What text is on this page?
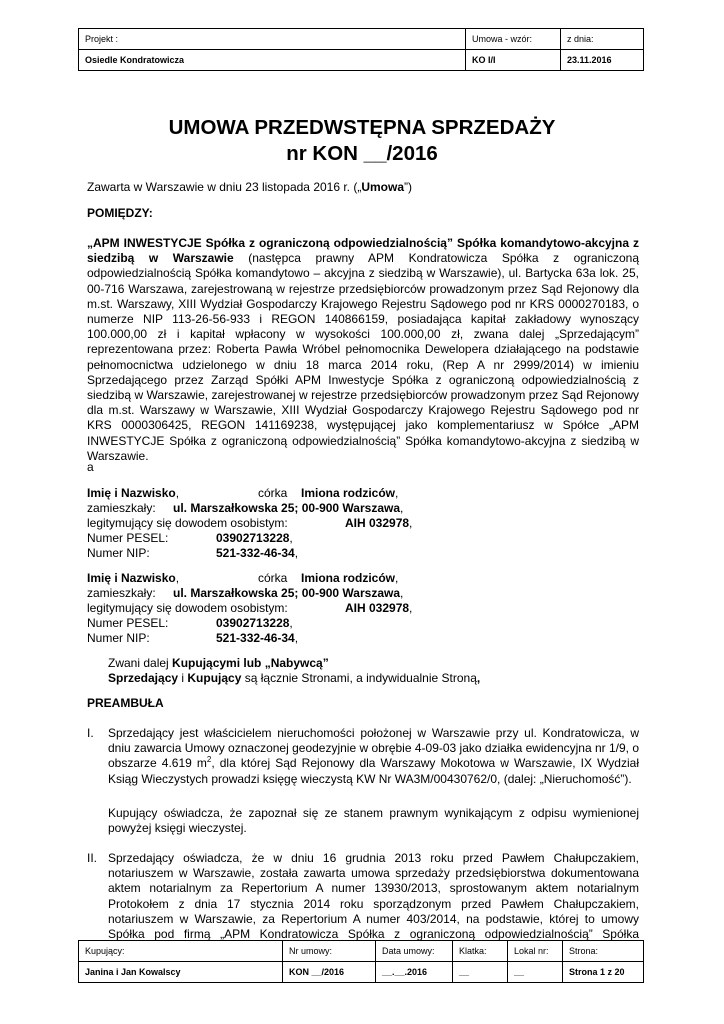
Projekt :	Umowa - wzór:	z dnia:
Osiedle Kondratowicza	KO I/I	23.11.2016
UMOWA PRZEDWSTĘPNA SPRZEDAŻY
nr KON __/2016
Zawarta w Warszawie w dniu 23 listopada 2016 r. („Umowa”)
POMIĘDZY:
„APM INWESTYCJE Spółka z ograniczoną odpowiedzialnością” Spółka komandytowo-akcyjna z siedzibą w Warszawie (następca prawny APM Kondratowicza Spółka z ograniczoną odpowiedzialnością Spółka komandytowo – akcyjna z siedzibą w Warszawie), ul. Bartycka 63a lok. 25, 00-716 Warszawa, zarejestrowaną w rejestrze przedsiębiorców prowadzonym przez Sąd Rejonowy dla m.st. Warszawy, XIII Wydział Gospodarczy Krajowego Rejestru Sądowego pod nr KRS 0000270183, o numerze NIP 113-26-56-933 i REGON 140866159, posiadająca kapitał zakładowy wynoszący 100.000,00 zł i kapitał wpłacony w wysokości 100.000,00 zł, zwana dalej „Sprzedającym” reprezentowana przez: Roberta Pawła Wróbel pełnomocnika Dewelopera działającego na podstawie pełnomocnictwa udzielonego w dniu 18 marca 2014 roku, (Rep A nr 2999/2014) w imieniu Sprzedającego przez Zarząd Spółki APM Inwestycje Spółka z ograniczoną odpowiedzialnością z siedzibą w Warszawie, zarejestrowanej w rejestrze przedsiębiorców prowadzonym przez Sąd Rejonowy dla m.st. Warszawy w Warszawie, XIII Wydział Gospodarczy Krajowego Rejestru Sądowego pod nr KRS 0000306425, REGON 141169238, występującej jako komplementariusz w Spółce „APM INWESTYCJE Spółka z ograniczoną odpowiedzialnością” Spółka komandytowo-akcyjna z siedzibą w Warszawie.
a
Imię i Nazwisko,	córka Imiona rodziców,
zamieszkały: ul. Marszałkowska 25; 00-900 Warszawa,
legitymujący się dowodem osobistym:	AIH 032978,
Numer PESEL:	03902713228,
Numer NIP:	521-332-46-34,
Imię i Nazwisko,	córka Imiona rodziców,
zamieszkały: ul. Marszałkowska 25; 00-900 Warszawa,
legitymujący się dowodem osobistym:	AIH 032978,
Numer PESEL:	03902713228,
Numer NIP:	521-332-46-34,
Zwani dalej Kupującymi lub „Nabywcą”
Sprzedający i Kupujący są łącznie Stronami, a indywidualnie Stroną,
PREAMBUŁA
I. Sprzedający jest właścicielem nieruchomości położonej w Warszawie przy ul. Kondratowicza, w dniu zawarcia Umowy oznaczonej geodezyjnie w obrębie 4-09-03 jako działka ewidencyjna nr 1/9, o obszarze 4.619 $m^2$, dla której Sąd Rejonowy dla Warszawy Mokotowa w Warszawie, IX Wydział Ksiąg Wieczystych prowadzi księgę wieczystą KW Nr WA3M/00430762/0, (dalej: „Nieruchomość”).
Kupujący oświadcza, że zapoznał się ze stanem prawnym wynikającym z odpisu wymienionej powyżej księgi wieczystej.
II. Sprzedający oświadcza, że w dniu 16 grudnia 2013 roku przed Pawłem Chałupczakiem, notariuszem w Warszawie, została zawarta umowa sprzedaży przedsiębiorstwa dokumentowana aktem notarialnym za Repertorium A numer 13930/2013, sprostowanym aktem notarialnym Protokołem z dnia 17 stycznia 2014 roku sporządzonym przed Pawłem Chałupczakiem, notariuszem w Warszawie, za Repertorium A numer 403/2014, na podstawie, której to umowy Spółka pod firmą „APM Kondratowicza Spółka z ograniczoną odpowiedzialnością” Spółka
Kupujący:	Nr umowy:	Data umowy:	Klatka:	Lokal nr:	Strona:
Janina i Jan Kowalscy	KON __/2016	__.__.2016	__	__	Strona 1 z 20
